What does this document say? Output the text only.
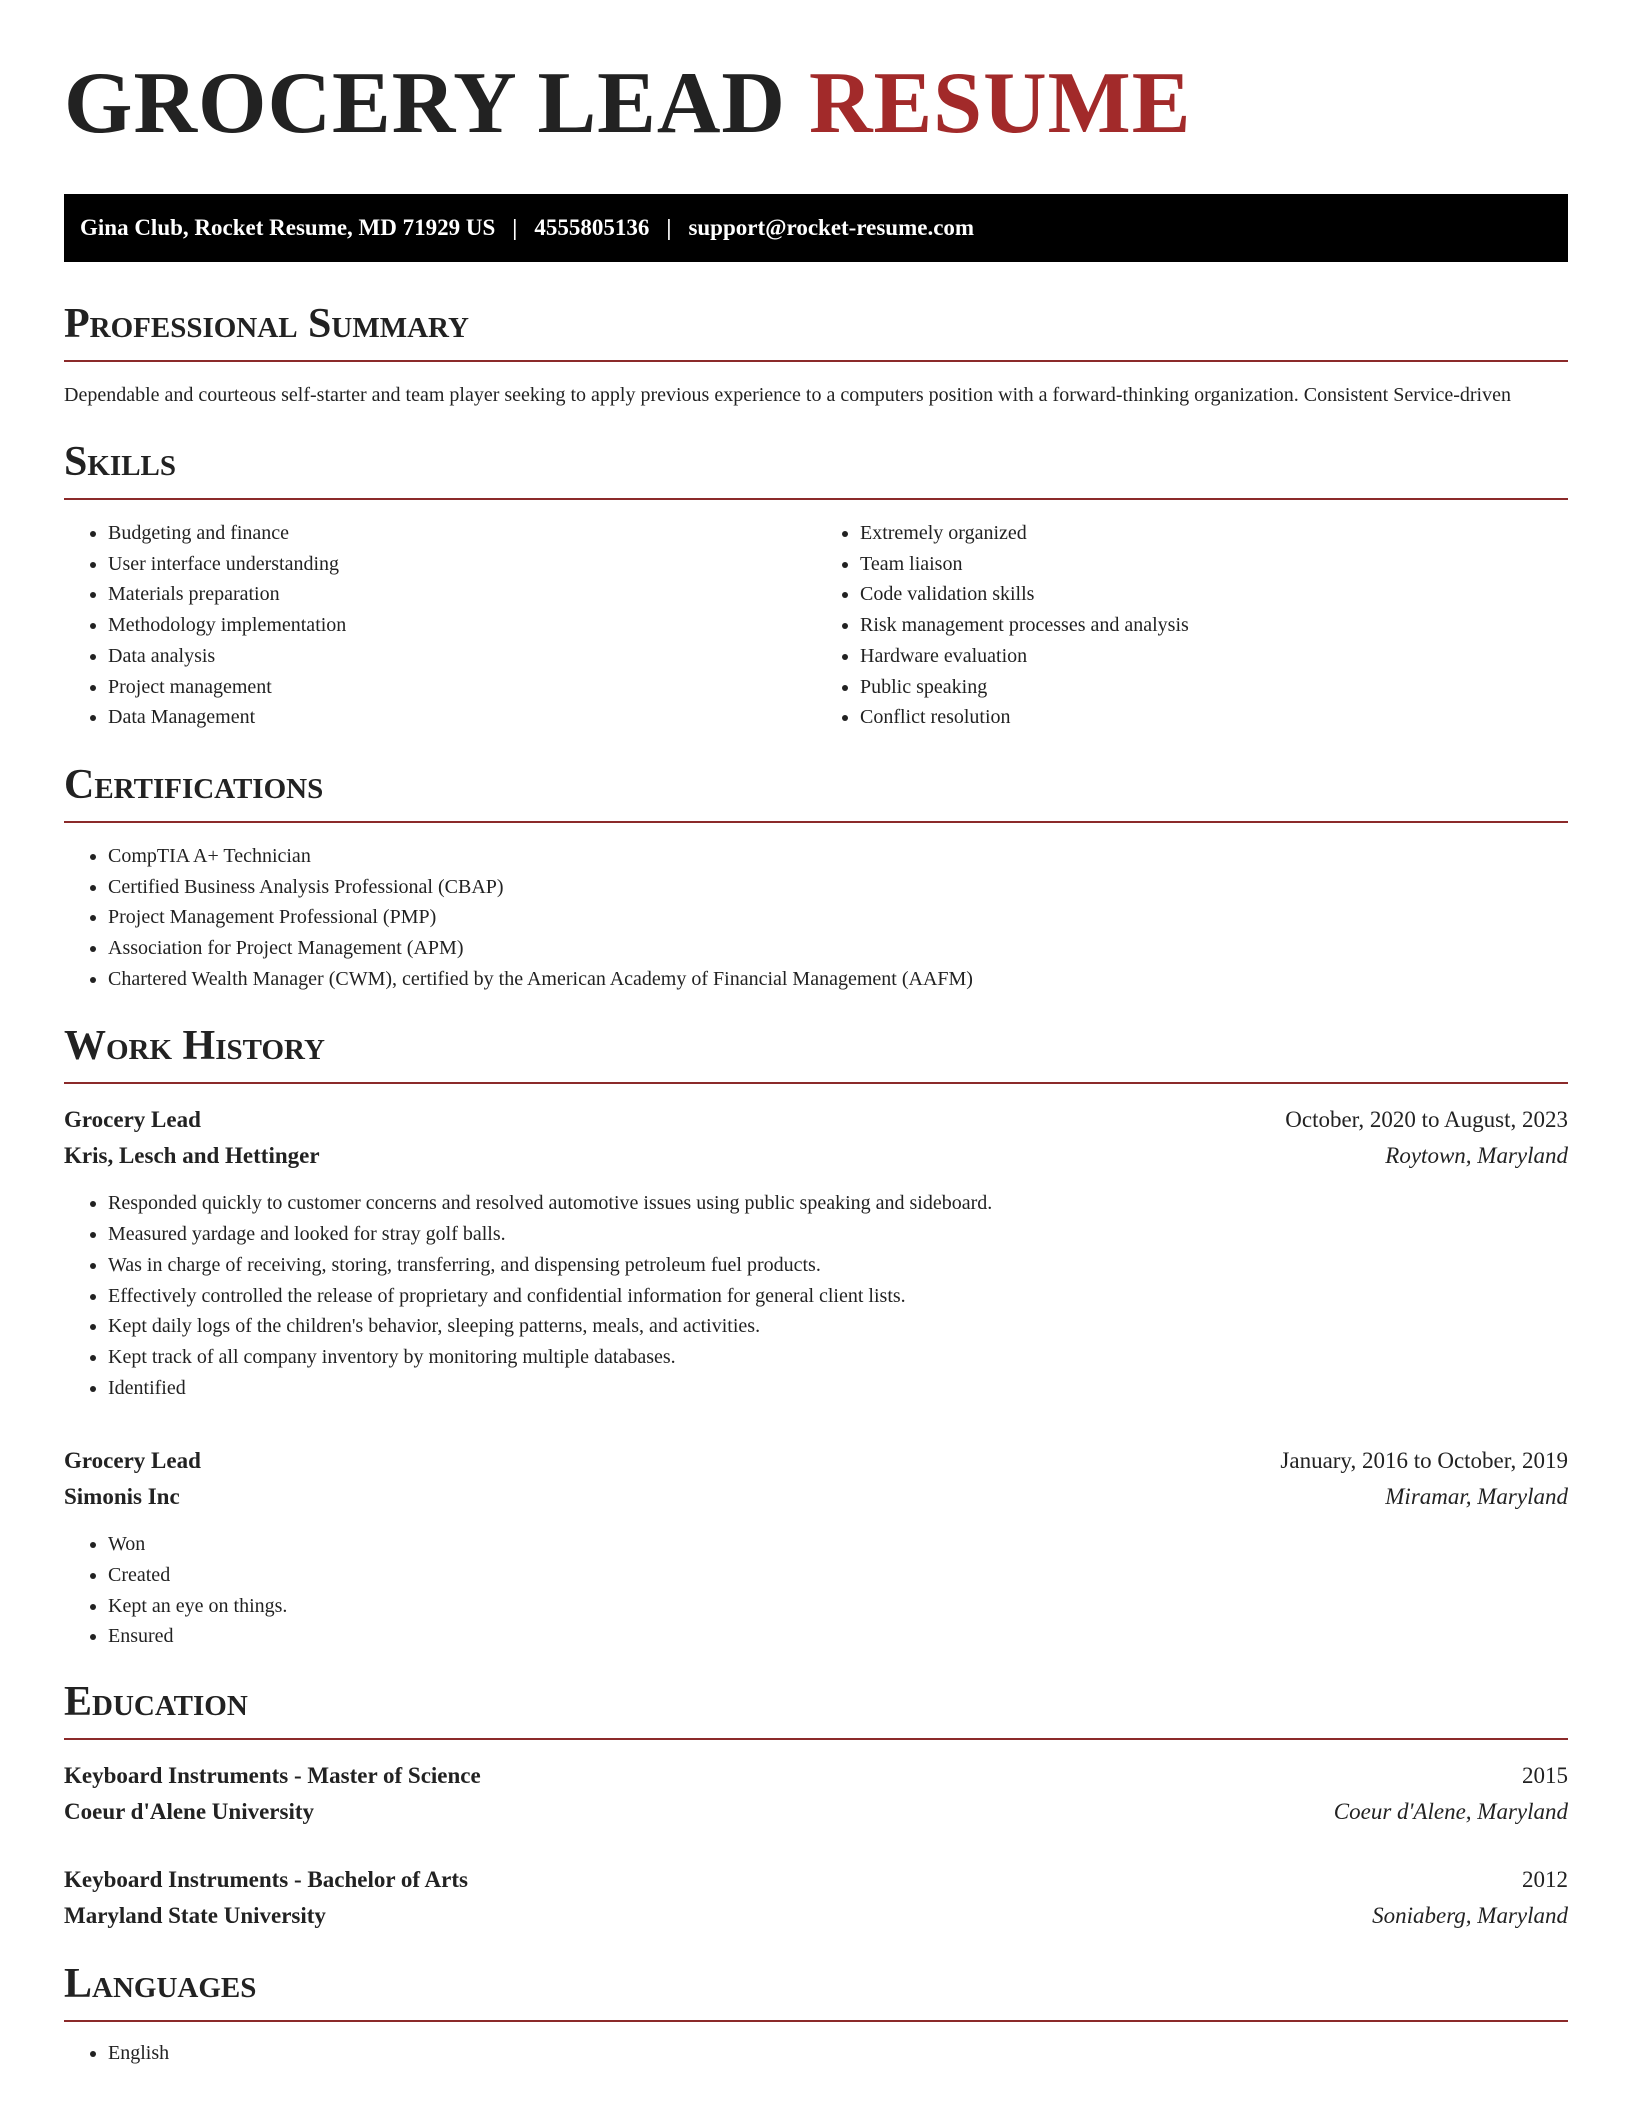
GROCERY LEAD RESUME
Gina Club, Rocket Resume, MD 71929 US | 4555805136 | support@rocket-resume.com
Professional Summary

Dependable and courteous self-starter and team player seeking to apply previous experience to a computers position with a forward-thinking organization. Consistent Service-driven

Skills
• Budgeting and finance
• User interface understanding
• Materials preparation
• Methodology implementation
• Data analysis
• Project management
• Data Management
• Extremely organized
• Team liaison
• Code validation skills
• Risk management processes and analysis
• Hardware evaluation
• Public speaking
• Conflict resolution
Certifications
• CompTIA A+ Technician
• Certified Business Analysis Professional (CBAP)
• Project Management Professional (PMP)
• Association for Project Management (APM)
• Chartered Wealth Manager (CWM), certified by the American Academy of Financial Management (AAFM)
Work History
Grocery Lead	October, 2020 to August, 2023
Kris, Lesch and Hettinger	Roytown, Maryland
• Responded quickly to customer concerns and resolved automotive issues using public speaking and sideboard.
• Measured yardage and looked for stray golf balls.
• Was in charge of receiving, storing, transferring, and dispensing petroleum fuel products.
• Effectively controlled the release of proprietary and confidential information for general client lists.
• Kept daily logs of the children's behavior, sleeping patterns, meals, and activities.
• Kept track of all company inventory by monitoring multiple databases.
• Identified
Grocery Lead	January, 2016 to October, 2019
Simonis Inc	Miramar, Maryland
• Won
• Created
• Kept an eye on things.
• Ensured
Education
Keyboard Instruments - Master of Science	2015
Coeur d'Alene University	Coeur d'Alene, Maryland
Keyboard Instruments - Bachelor of Arts	2012
Maryland State University	Soniaberg, Maryland
Languages
• English
